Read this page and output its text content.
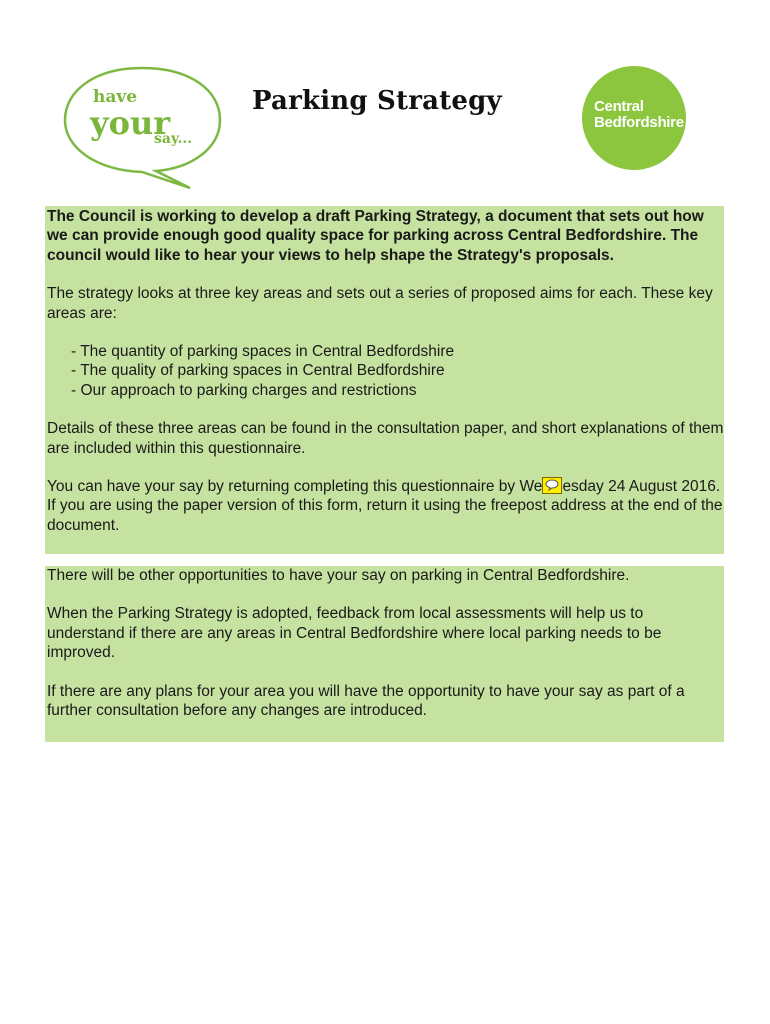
have
your
say...
Parking Strategy	Central
Bedfordshire

The Council is working to develop a draft Parking Strategy, a document that sets out how we can provide enough good quality space for parking across Central Bedfordshire. The council would like to hear your views to help shape the Strategy's proposals.

The strategy looks at three key areas and sets out a series of proposed aims for each. These key areas are:

- The quantity of parking spaces in Central Bedfordshire
- The quality of parking spaces in Central Bedfordshire
- Our approach to parking charges and restrictions

Details of these three areas can be found in the consultation paper, and short explanations of them are included within this questionnaire.

You can have your say by returning completing this questionnaire by We esday 24 August 2016. If you are using the paper version of this form, return it using the freepost address at the end of the document.

There will be other opportunities to have your say on parking in Central Bedfordshire.

When the Parking Strategy is adopted, feedback from local assessments will help us to understand if there are any areas in Central Bedfordshire where local parking needs to be improved.

If there are any plans for your area you will have the opportunity to have your say as part of a further consultation before any changes are introduced.
